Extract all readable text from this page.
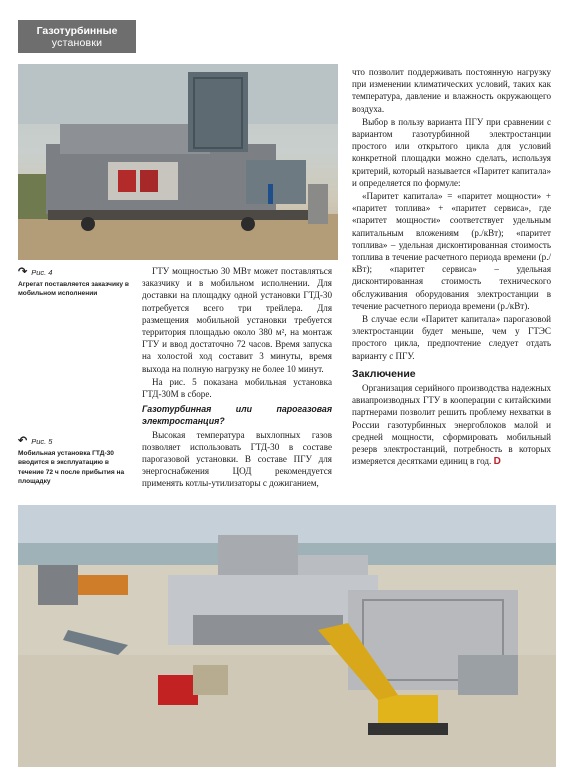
Газотурбинные
установки
↷ Рис. 4
Агрегат поставляется заказчику в мобильном исполнении
↶ Рис. 5
Мобильная установка ГТД-30 вводится в эксплуатацию в течение 72 ч после прибытия на площадку

ГТУ мощностью 30 МВт может поставляться заказчику и в мобильном исполнении. Для доставки на площадку одной установки ГТД-30 потребуется всего три трейлера. Для размещения мобильной установки требуется территория площадью около 380 м², на монтаж ГТУ и ввод достаточно 72 часов. Время запуска на холостой ход составит 3 минуты, время выхода на полную нагрузку не более 10 минут.

На рис. 5 показана мобильная установка ГТД-30М в сборе.

Газотурбинная или парогазовая электростанция?

Высокая температура выхлопных газов позволяет использовать ГТД-30 в составе парогазовой установки. В составе ПГУ для энергоснабжения ЦОД рекомендуется применять котлы-утилизаторы с дожиганием,

что позволит поддерживать постоянную нагрузку при изменении климатических условий, таких как температура, давление и влажность окружающего воздуха.

Выбор в пользу варианта ПГУ при сравнении с вариантом газотурбинной электростанции простого или открытого цикла для условий конкретной площадки можно сделать, используя критерий, который называется «Паритет капитала» и определяется по формуле:

«Паритет капитала» = «паритет мощности» + «паритет топлива» + «паритет сервиса», где «паритет мощности» соответствует удельным капитальным вложениям (р./кВт); «паритет топлива» – удельная дисконтированная стоимость топлива в течение расчетного периода времени (р./кВт); «паритет сервиса» – удельная дисконтированная стоимость технического обслуживания оборудования электростанции в течение расчетного периода времени (р./кВт).

В случае если «Паритет капитала» парогазовой электростанции будет меньше, чем у ГТЭС простого цикла, предпочтение следует отдать варианту с ПГУ.

Заключение

Организация серийного производства надежных авиапроизводных ГТУ в кооперации с китайскими партнерами позволит решить проблему нехватки в России газотурбинных энергоблоков малой и средней мощности, сформировать мобильный резерв электростанций, потребность в которых измеряется десятками единиц в год. D
